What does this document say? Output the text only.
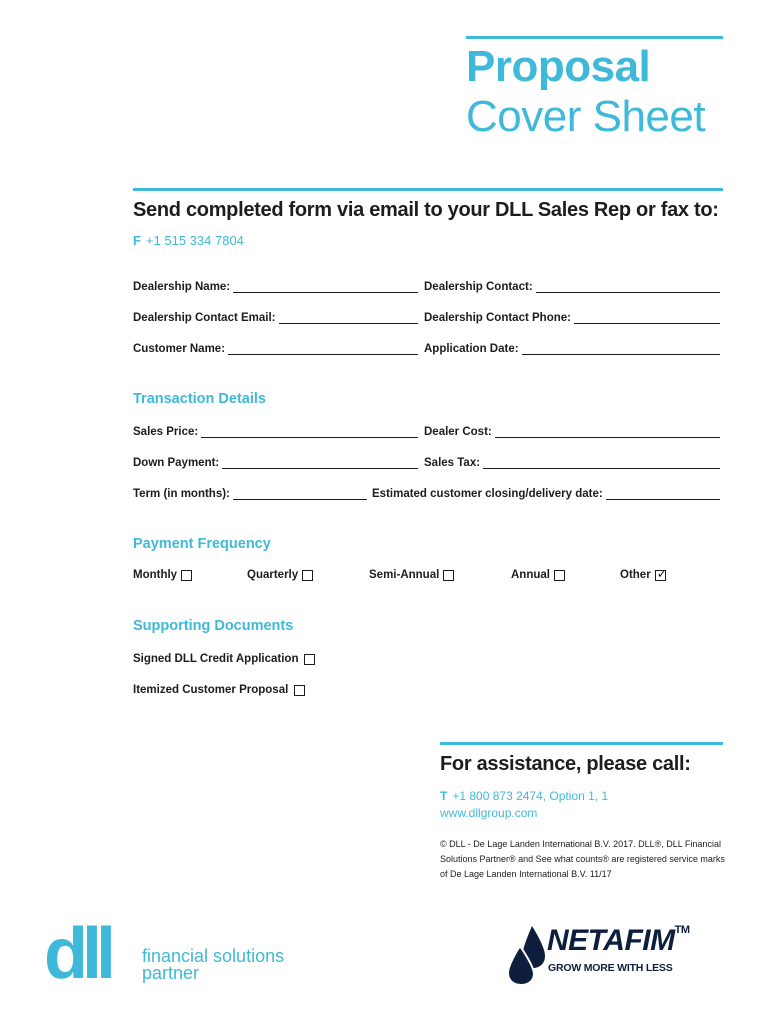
Proposal
Cover Sheet
Send completed form via email to your DLL Sales Rep or fax to:
F +1 515 334 7804
Dealership Name:	Dealership Contact:
Dealership Contact Email:	Dealership Contact Phone:
Customer Name:	Application Date:
Transaction Details
Sales Price:	Dealer Cost:
Down Payment:	Sales Tax:
Term (in months):	Estimated customer closing/delivery date:
Payment Frequency
Monthly	Quarterly	Semi-Annual	Annual	Other
✓
Supporting Documents
Signed DLL Credit Application
Itemized Customer Proposal
For assistance, please call:
T +1 800 873 2474, Option 1, 1
www.dllgroup.com
© DLL - De Lage Landen International B.V. 2017. DLL®, DLL Financial Solutions Partner® and See what counts® are registered service marks of De Lage Landen International B.V. 11/17
dll financial solutions
partner
NETAFIM™
GROW MORE WITH LESS
